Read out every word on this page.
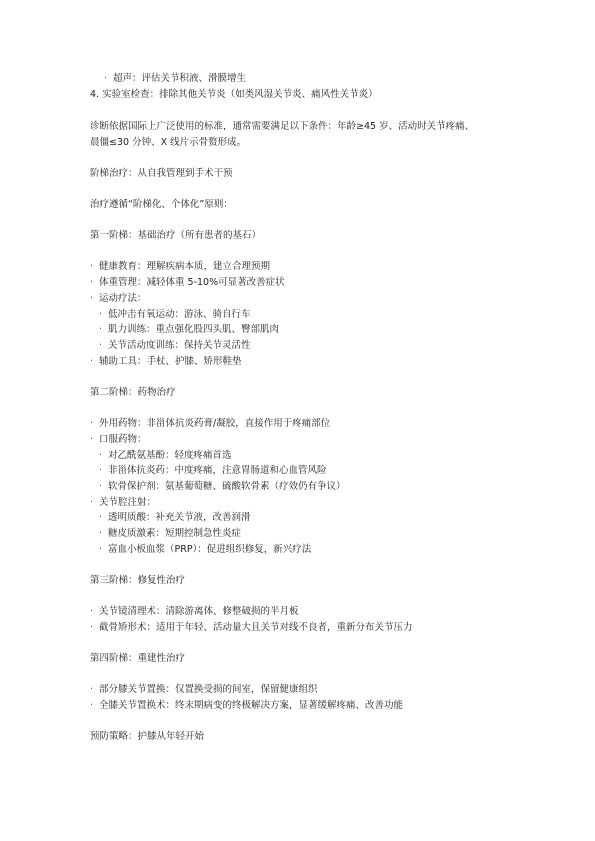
· 超声：评估关节积液、滑膜增生
4. 实验室检查：排除其他关节炎（如类风湿关节炎、痛风性关节炎）
诊断依据国际上广泛使用的标准，通常需要满足以下条件：年龄≥45 岁、活动时关节疼痛、
晨僵≤30 分钟、X 线片示骨赘形成。
阶梯治疗：从自我管理到手术干预
治疗遵循“阶梯化、个体化”原则：
第一阶梯：基础治疗（所有患者的基石）
· 健康教育：理解疾病本质，建立合理预期
· 体重管理：减轻体重 5-10%可显著改善症状
· 运动疗法：
· 低冲击有氧运动：游泳、骑自行车
· 肌力训练：重点强化股四头肌、臀部肌肉
· 关节活动度训练：保持关节灵活性
· 辅助工具：手杖、护膝、矫形鞋垫
第二阶梯：药物治疗
· 外用药物：非甾体抗炎药膏/凝胶，直接作用于疼痛部位
· 口服药物：
· 对乙酰氨基酚：轻度疼痛首选
· 非甾体抗炎药：中度疼痛，注意胃肠道和心血管风险
· 软骨保护剂：氨基葡萄糖、硫酸软骨素（疗效仍有争议）
· 关节腔注射：
· 透明质酸：补充关节液，改善润滑
· 糖皮质激素：短期控制急性炎症
· 富血小板血浆（PRP）：促进组织修复，新兴疗法
第三阶梯：修复性治疗
· 关节镜清理术：清除游离体、修整破损的半月板
· 截骨矫形术：适用于年轻、活动量大且关节对线不良者，重新分布关节压力
第四阶梯：重建性治疗
· 部分膝关节置换：仅置换受损的间室，保留健康组织
· 全膝关节置换术：终末期病变的终极解决方案，显著缓解疼痛、改善功能
预防策略：护膝从年轻开始
